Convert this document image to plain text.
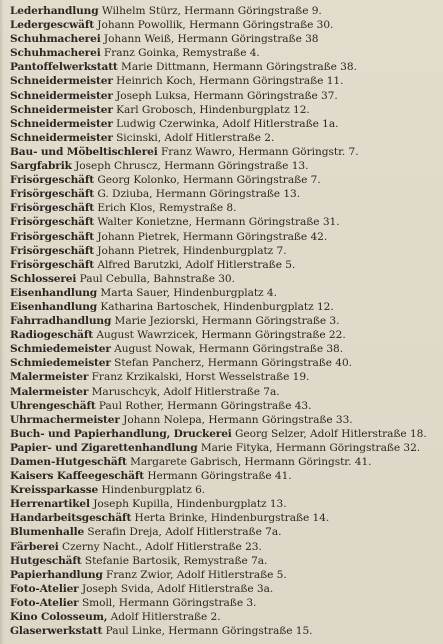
Lederhandlung Wilhelm Stürz, Hermann Göringstraße 9.
Ledergescwäft Johann Powollik, Hermann Göringstraße 30.
Schuhmacherei Johann Weiß, Hermann Göringstraße 38
Schuhmacherei Franz Goinka, Remystraße 4.
Pantoffelwerkstatt Marie Dittmann, Hermann Göringstraße 38.
Schneidermeister Heinrich Koch, Hermann Göringstraße 11.
Schneidermeister Joseph Luksa, Hermann Göringstraße 37.
Schneidermeister Karl Grobosch, Hindenburgplatz 12.
Schneidermeister Ludwig Czerwinka, Adolf Hitlerstraße 1a.
Schneidermeister Sicinski, Adolf Hitlerstraße 2.
Bau- und Möbeltischlerei Franz Wawro, Hermann Göringstr. 7.
Sargfabrik Joseph Chruscz, Hermann Göringstraße 13.
Frisörgeschäft Georg Kolonko, Hermann Göringstraße 7.
Frisörgeschäft G. Dziuba, Hermann Göringstraße 13.
Frisörgeschäft Erich Klos, Remystraße 8.
Frisörgeschäft Walter Konietzne, Hermann Göringstraße 31.
Frisörgeschäft Johann Pietrek, Hermann Göringstraße 42.
Frisörgeschäft Johann Pietrek, Hindenburgplatz 7.
Frisörgeschäft Alfred Barutzki, Adolf Hitlerstraße 5.
Schlosserei Paul Cebulla, Bahnstraße 30.
Eisenhandlung Marta Sauer, Hindenburgplatz 4.
Eisenhandlung Katharina Bartoschek, Hindenburgplatz 12.
Fahrradhandlung Marie Jeziorski, Hermann Göringstraße 3.
Radiogeschäft August Wawrzicek, Hermann Göringstraße 22.
Schmiedemeister August Nowak, Hermann Göringstraße 38.
Schmiedemeister Stefan Pancherz, Hermann Göringstraße 40.
Malermeister Franz Krzikalski, Horst Wesselstraße 19.
Malermeister Maruschcyk, Adolf Hitlerstraße 7a.
Uhrengeschäft Paul Rother, Hermann Göringstraße 43.
Uhrmachermeister Johann Nolepa, Hermann Göringstraße 33.
Buch- und Papierhandlung, Druckerei Georg Selzer, Adolf Hitlerstraße 18.
Papier- und Zigarettenhandlung Marie Fityka, Hermann Göringstraße 32.
Damen-Hutgeschäft Margarete Gabrisch, Hermann Göringstr. 41.
Kaisers Kaffeegeschäft Hermann Göringstraße 41.
Kreissparkasse Hindenburgplatz 6.
Herrenartikel Joseph Kupilla, Hindenburgplatz 13.
Handarbeitsgeschäft Herta Brinke, Hindenburgstraße 14.
Blumenhalle Serafin Dreja, Adolf Hitlerstraße 7a.
Färberei Czerny Nacht., Adolf Hitlerstraße 23.
Hutgeschäft Stefanie Bartosik, Remystraße 7a.
Papierhandlung Franz Zwior, Adolf Hitlerstraße 5.
Foto-Atelier Joseph Svida, Adolf Hitlerstraße 3a.
Foto-Atelier Smoll, Hermann Göringstraße 3.
Kino Colosseum, Adolf Hitlerstraße 2.
Glaserwerkstatt Paul Linke, Hermann Göringstraße 15.
